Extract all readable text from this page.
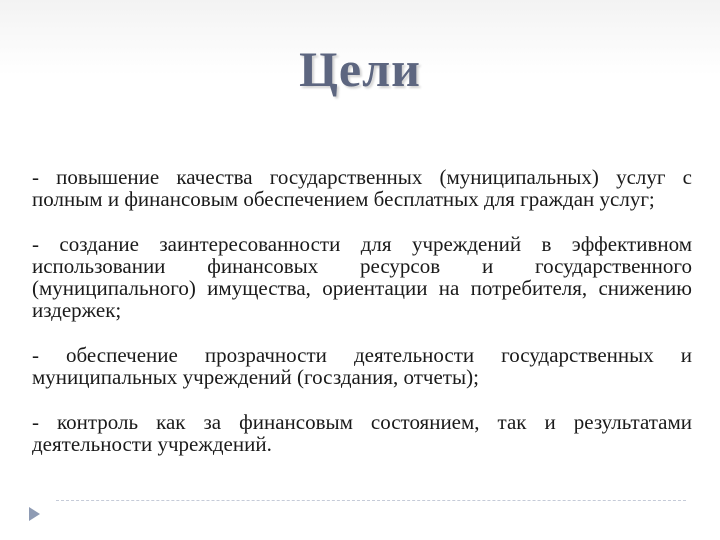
Цели

- повышение качества государственных (муниципальных) услуг с полным и финансовым обеспечением бесплатных для граждан услуг;

- создание заинтересованности для учреждений в эффективном использовании финансовых ресурсов и государственного (муниципального) имущества, ориентации на потребителя, снижению издержек;

- обеспечение прозрачности деятельности государственных и муниципальных учреждений (госздания, отчеты);

- контроль как за финансовым состоянием, так и результатами деятельности учреждений.
